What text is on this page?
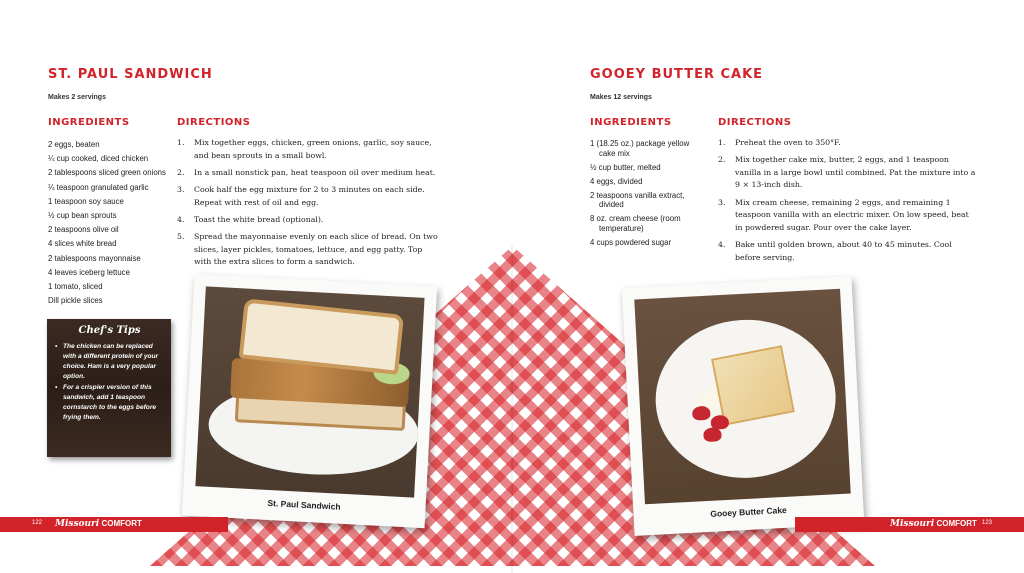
ST. PAUL SANDWICH
Makes 2 servings
INGREDIENTS	DIRECTIONS
2 eggs, beaten
¼ cup cooked, diced chicken
2 tablespoons sliced green onions
¼ teaspoon granulated garlic
1 teaspoon soy sauce
½ cup bean sprouts
2 teaspoons olive oil
4 slices white bread
2 tablespoons mayonnaise
4 leaves iceberg lettuce
1 tomato, sliced
Dill pickle slices
1. Mix together eggs, chicken, green onions, garlic, soy sauce, and bean sprouts in a small bowl.
2. In a small nonstick pan, heat teaspoon oil over medium heat.
3. Cook half the egg mixture for 2 to 3 minutes on each side. Repeat with rest of oil and egg.
4. Toast the white bread (optional).
5. Spread the mayonnaise evenly on each slice of bread. On two slices, layer pickles, tomatoes, lettuce, and egg patty. Top with the extra slices to form a sandwich.
Chef's Tips
• The chicken can be replaced with a different protein of your choice. Ham is a very popular option.
• For a crispier version of this sandwich, add 1 teaspoon cornstarch to the eggs before frying them.
St. Paul Sandwich
GOOEY BUTTER CAKE
Makes 12 servings
INGREDIENTS	DIRECTIONS
1 (18.25 oz.) package yellow
cake mix
½ cup butter, melted
4 eggs, divided
2 teaspoons vanilla extract,
divided
8 oz. cream cheese (room
temperature)
4 cups powdered sugar
1. Preheat the oven to 350°F.
2. Mix together cake mix, butter, 2 eggs, and 1 teaspoon vanilla in a large bowl until combined. Pat the mixture into a 9 × 13-inch dish.
3. Mix cream cheese, remaining 2 eggs, and remaining 1 teaspoon vanilla with an electric mixer. On low speed, beat in powdered sugar. Pour over the cake layer.
4. Bake until golden brown, about 40 to 45 minutes. Cool before serving.
Gooey Butter Cake
122 Missouri COMFORT	Missouri COMFORT 123
